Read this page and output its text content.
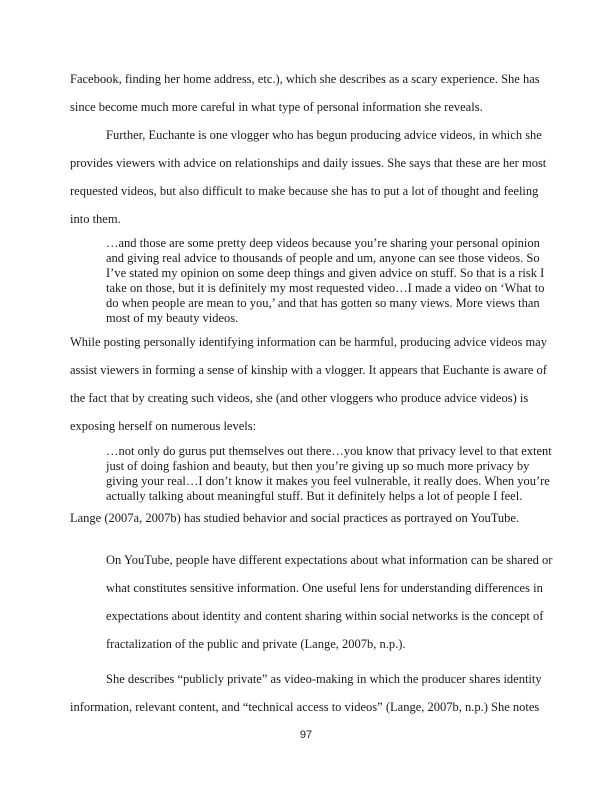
Facebook, finding her home address, etc.), which she describes as a scary experience. She has
since become much more careful in what type of personal information she reveals.
Further, Euchante is one vlogger who has begun producing advice videos, in which she
provides viewers with advice on relationships and daily issues. She says that these are her most
requested videos, but also difficult to make because she has to put a lot of thought and feeling
into them.
…and those are some pretty deep videos because you’re sharing your personal opinion
and giving real advice to thousands of people and um, anyone can see those videos. So
I’ve stated my opinion on some deep things and given advice on stuff. So that is a risk I
take on those, but it is definitely my most requested video…I made a video on ‘What to
do when people are mean to you,’ and that has gotten so many views. More views than
most of my beauty videos.
While posting personally identifying information can be harmful, producing advice videos may
assist viewers in forming a sense of kinship with a vlogger. It appears that Euchante is aware of
the fact that by creating such videos, she (and other vloggers who produce advice videos) is
exposing herself on numerous levels:
…not only do gurus put themselves out there…you know that privacy level to that extent
just of doing fashion and beauty, but then you’re giving up so much more privacy by
giving your real…I don’t know it makes you feel vulnerable, it really does. When you’re
actually talking about meaningful stuff. But it definitely helps a lot of people I feel.
Lange (2007a, 2007b) has studied behavior and social practices as portrayed on YouTube.
On YouTube, people have different expectations about what information can be shared or
what constitutes sensitive information. One useful lens for understanding differences in
expectations about identity and content sharing within social networks is the concept of
fractalization of the public and private (Lange, 2007b, n.p.).
She describes “publicly private” as video-making in which the producer shares identity
information, relevant content, and “technical access to videos” (Lange, 2007b, n.p.) She notes
97
